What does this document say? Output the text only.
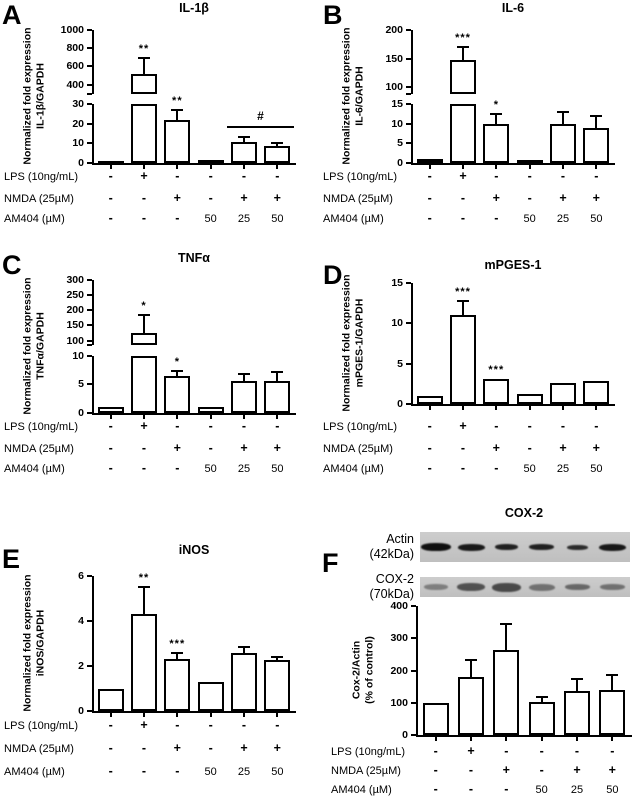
A	IL-1β
Normalized fold expression
IL-1β/GAPDH
0
10
20
30
400
600
800
1000
**
**
#
LPS (10ng/mL) - + - - - -
NMDA (25µM)	- - + - + +
AM404 (µM)	- - - 50 25 50
B	IL-6
Normalized fold expression
IL-6/GAPDH
0
5
10
15
100
150
200
***
*
LPS (10ng/mL) - + - - - -
NMDA (25µM)	- - + - + +
AM404 (µM)	- - - 50 25 50
C	TNFα
Normalized fold expression
TNFα/GAPDH
0
5
10
100
150
200
250
300
*
*
LPS (10ng/mL) - + - - - -
NMDA (25µM)	- - + - + +
AM404 (µM)	- - - 50 25 50
D	mPGES-1
Normalized fold expression
mPGES-1/GAPDH
0
5
10
15
***
***
LPS (10ng/mL) - + - - - -
NMDA (25µM)	- - + - + +
AM404 (µM)	- - - 50 25 50
E	iNOS
Normalized fold expression
iNOS/GAPDH
0
2
4
6	**
***
LPS (10ng/mL) - + - - - -
NMDA (25µM)	- - + - + +
AM404 (µM)	- - - 50 25 50
F
COX-2
Cox-2/Actin
(% of control)
Actin
(42kDa)
COX-2
(70kDa)
0
100
200
300
400
LPS (10ng/mL) - + - - - -
NMDA (25µM)	- - + - + +
AM404 (µM)	- - - 50 25 50
